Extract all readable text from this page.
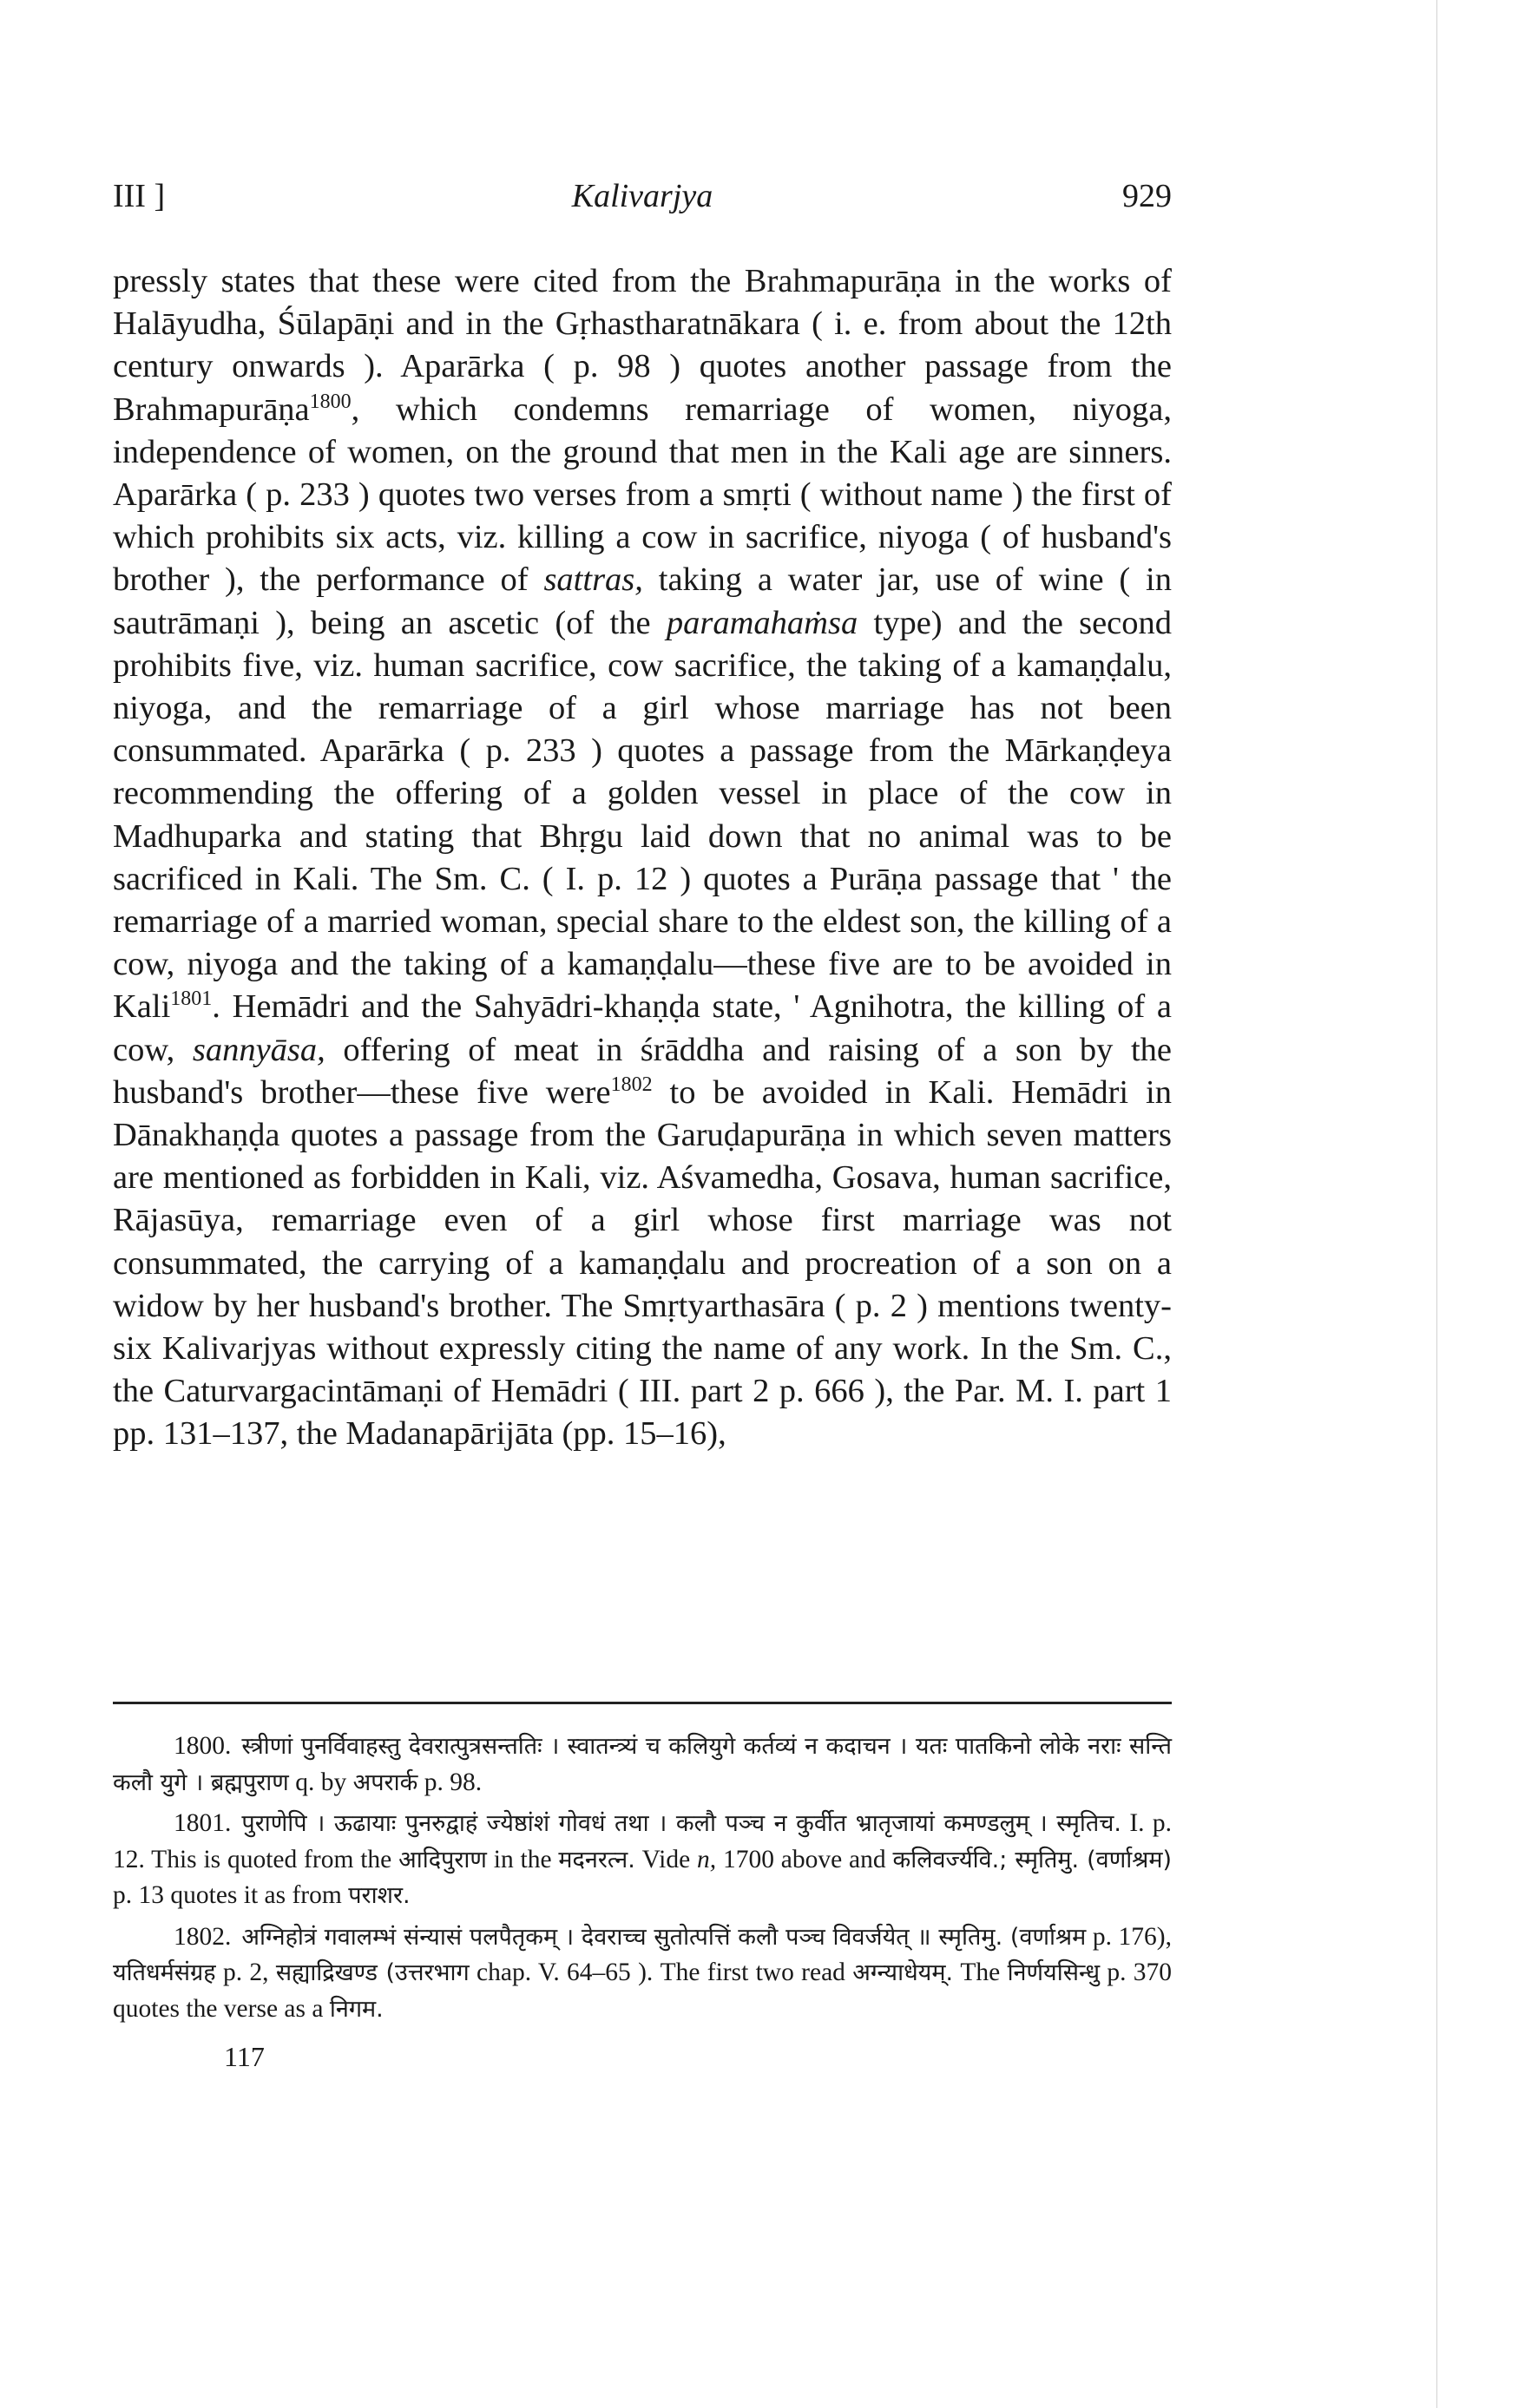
III ]	Kalivarjya	929

pressly states that these were cited from the Brahmapurāṇa in the works of Halāyudha, Śūlapāṇi and in the Gṛhastharatnākara ( i. e. from about the 12th century onwards ). Aparārka ( p. 98 ) quotes another passage from the Brahmapurāṇa$^{1800}$, which condemns remarriage of women, niyoga, independence of women, on the ground that men in the Kali age are sinners. Aparārka ( p. 233 ) quotes two verses from a smṛti ( without name ) the first of which prohibits six acts, viz. killing a cow in sacrifice, niyoga ( of husband's brother ), the performance of sattras, taking a water jar, use of wine ( in sautrāmaṇi ), being an ascetic (of the paramahaṁsa type) and the second prohibits five, viz. human sacrifice, cow sacrifice, the taking of a kamaṇḍalu, niyoga, and the remarriage of a girl whose marriage has not been consummated. Aparārka ( p. 233 ) quotes a passage from the Mārkaṇḍeya recommending the offering of a golden vessel in place of the cow in Madhuparka and stating that Bhṛgu laid down that no animal was to be sacrificed in Kali. The Sm. C. ( I. p. 12 ) quotes a Purāṇa passage that ' the remarriage of a married woman, special share to the eldest son, the killing of a cow, niyoga and the taking of a kamaṇḍalu—these five are to be avoided in Kali$^{1801}$. Hemādri and the Sahyādri-khaṇḍa state, ' Agnihotra, the killing of a cow, sannyāsa, offering of meat in śrāddha and raising of a son by the husband's brother—these five were$^{1802}$ to be avoided in Kali. Hemādri in Dānakhaṇḍa quotes a passage from the Garuḍapurāṇa in which seven matters are mentioned as forbidden in Kali, viz. Aśvamedha, Gosava, human sacrifice, Rājasūya, remarriage even of a girl whose first marriage was not consummated, the carrying of a kamaṇḍalu and procreation of a son on a widow by her husband's brother. The Smṛtyarthasāra ( p. 2 ) mentions twenty-six Kalivarjyas without expressly citing the name of any work. In the Sm. C., the Caturvargacintāmaṇi of Hemādri ( III. part 2 p. 666 ), the Par. M. I. part 1 pp. 131–137, the Madanapārijāta (pp. 15–16),

1800. स्त्रीणां पुनर्विवाहस्तु देवरात्पुत्रसन्ततिः । स्वातन्त्र्यं च कलियुगे कर्तव्यं न कदाचन । यतः पातकिनो लोके नराः सन्ति कलौ युगे । ब्रह्मपुराण q. by अपरार्क p. 98.

1801. पुराणेपि । ऊढायाः पुनरुद्वाहं ज्येष्ठांशं गोवधं तथा । कलौ पञ्च न कुर्वीत भ्रातृजायां कमण्डलुम् । स्मृतिच. I. p. 12. This is quoted from the आदिपुराण in the मदनरत्न. Vide n, 1700 above and कलिवर्ज्यवि.; स्मृतिमु. (वर्णाश्रम) p. 13 quotes it as from पराशर.

1802. अग्निहोत्रं गवालम्भं संन्यासं पलपैतृकम् । देवराच्च सुतोत्पत्तिं कलौ पञ्च विवर्जयेत् ॥ स्मृतिमु. (वर्णाश्रम p. 176), यतिधर्मसंग्रह p. 2, सह्याद्रिखण्ड (उत्तरभाग chap. V. 64–65 ). The first two read अग्न्याधेयम्. The निर्णयसिन्धु p. 370 quotes the verse as a निगम.

117
